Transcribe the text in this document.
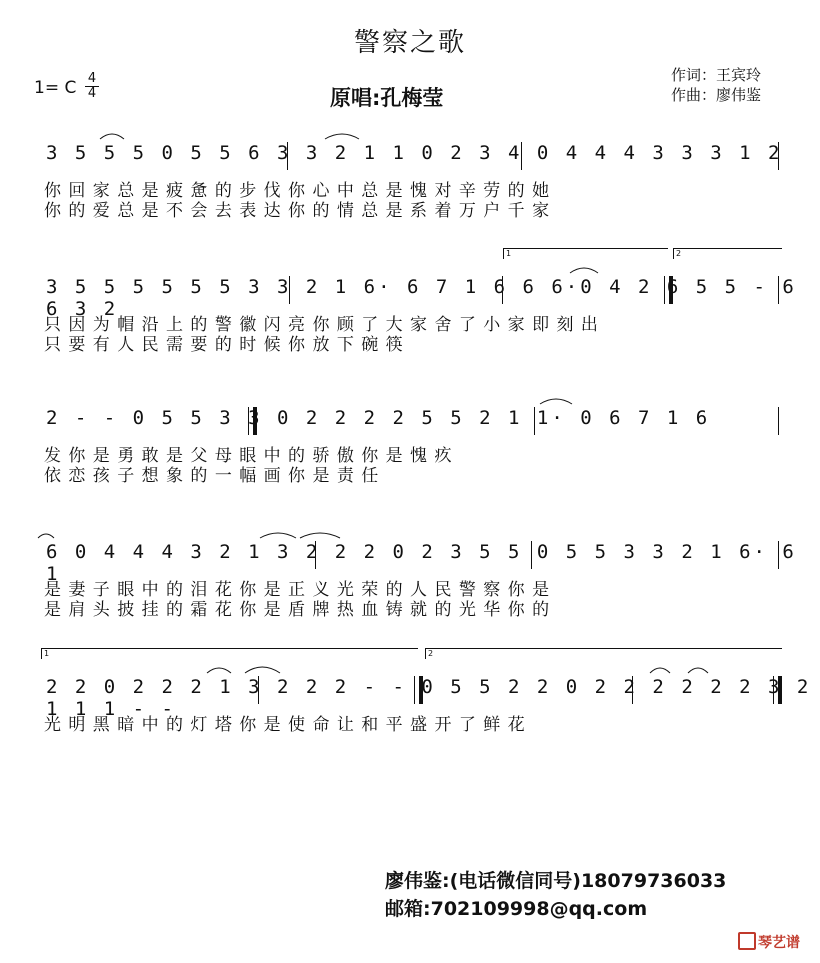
警察之歌
1= C 4
4	原唱:孔梅莹
作词：王宾玲
作曲：廖伟鉴
3 5 5 5 0 5 5 6 3 3 2 1 1 0 2 3 4 0 4 4 4 3 3 3 1 2
你 回 家 总 是 疲 惫 的 步 伐 你 心 中 总 是 愧 对 辛 劳 的 她
你 的 爱 总 是 不 会 去 表 达 你 的 情 总 是 系 着 万 户 千 家
1	2
3 5 5 5 5 5 5 3 3 2 1 6· 6 7 1 6 6 6·0 4 2 6 5 5 - 6 6 3 2
只 因 为 帽 沿 上 的 警 徽 闪 亮 你 顾 了 大 家 舍 了 小 家 即 刻 出
只 要 有 人 民 需 要 的 时 候 你 放 下 碗 筷
2 - - 0 5 5 3 3 0 2 2 2 2 5 5 2 1 1· 0 6 7 1 6
发 你 是 勇 敢 是 父 母 眼 中 的 骄 傲 你 是 愧 疚
依 恋 孩 子 想 象 的 一 幅 画 你 是 责 任
6 0 4 4 4 3 2 1 3 2 2 2 0 2 3 5 5 0 5 5 3 3 2 1 6· 6 1
是 妻 子 眼 中 的 泪 花 你 是 正 义 光 荣 的 人 民 警 察 你 是
是 肩 头 披 挂 的 霜 花 你 是 盾 牌 热 血 铸 就 的 光 华 你 的
1	2
2 2 0 2 2 2 1 3 2 2 2 - - 0 5 5 2 2 0 2 2 2 2 2 2 3 2 1 1 1 - -
光 明 黑 暗 中 的 灯 塔 你 是 使 命 让 和 平 盛 开 了 鲜 花
廖伟鉴:(电话微信同号)18079736033
邮箱:702109998@qq.com
琴艺谱
